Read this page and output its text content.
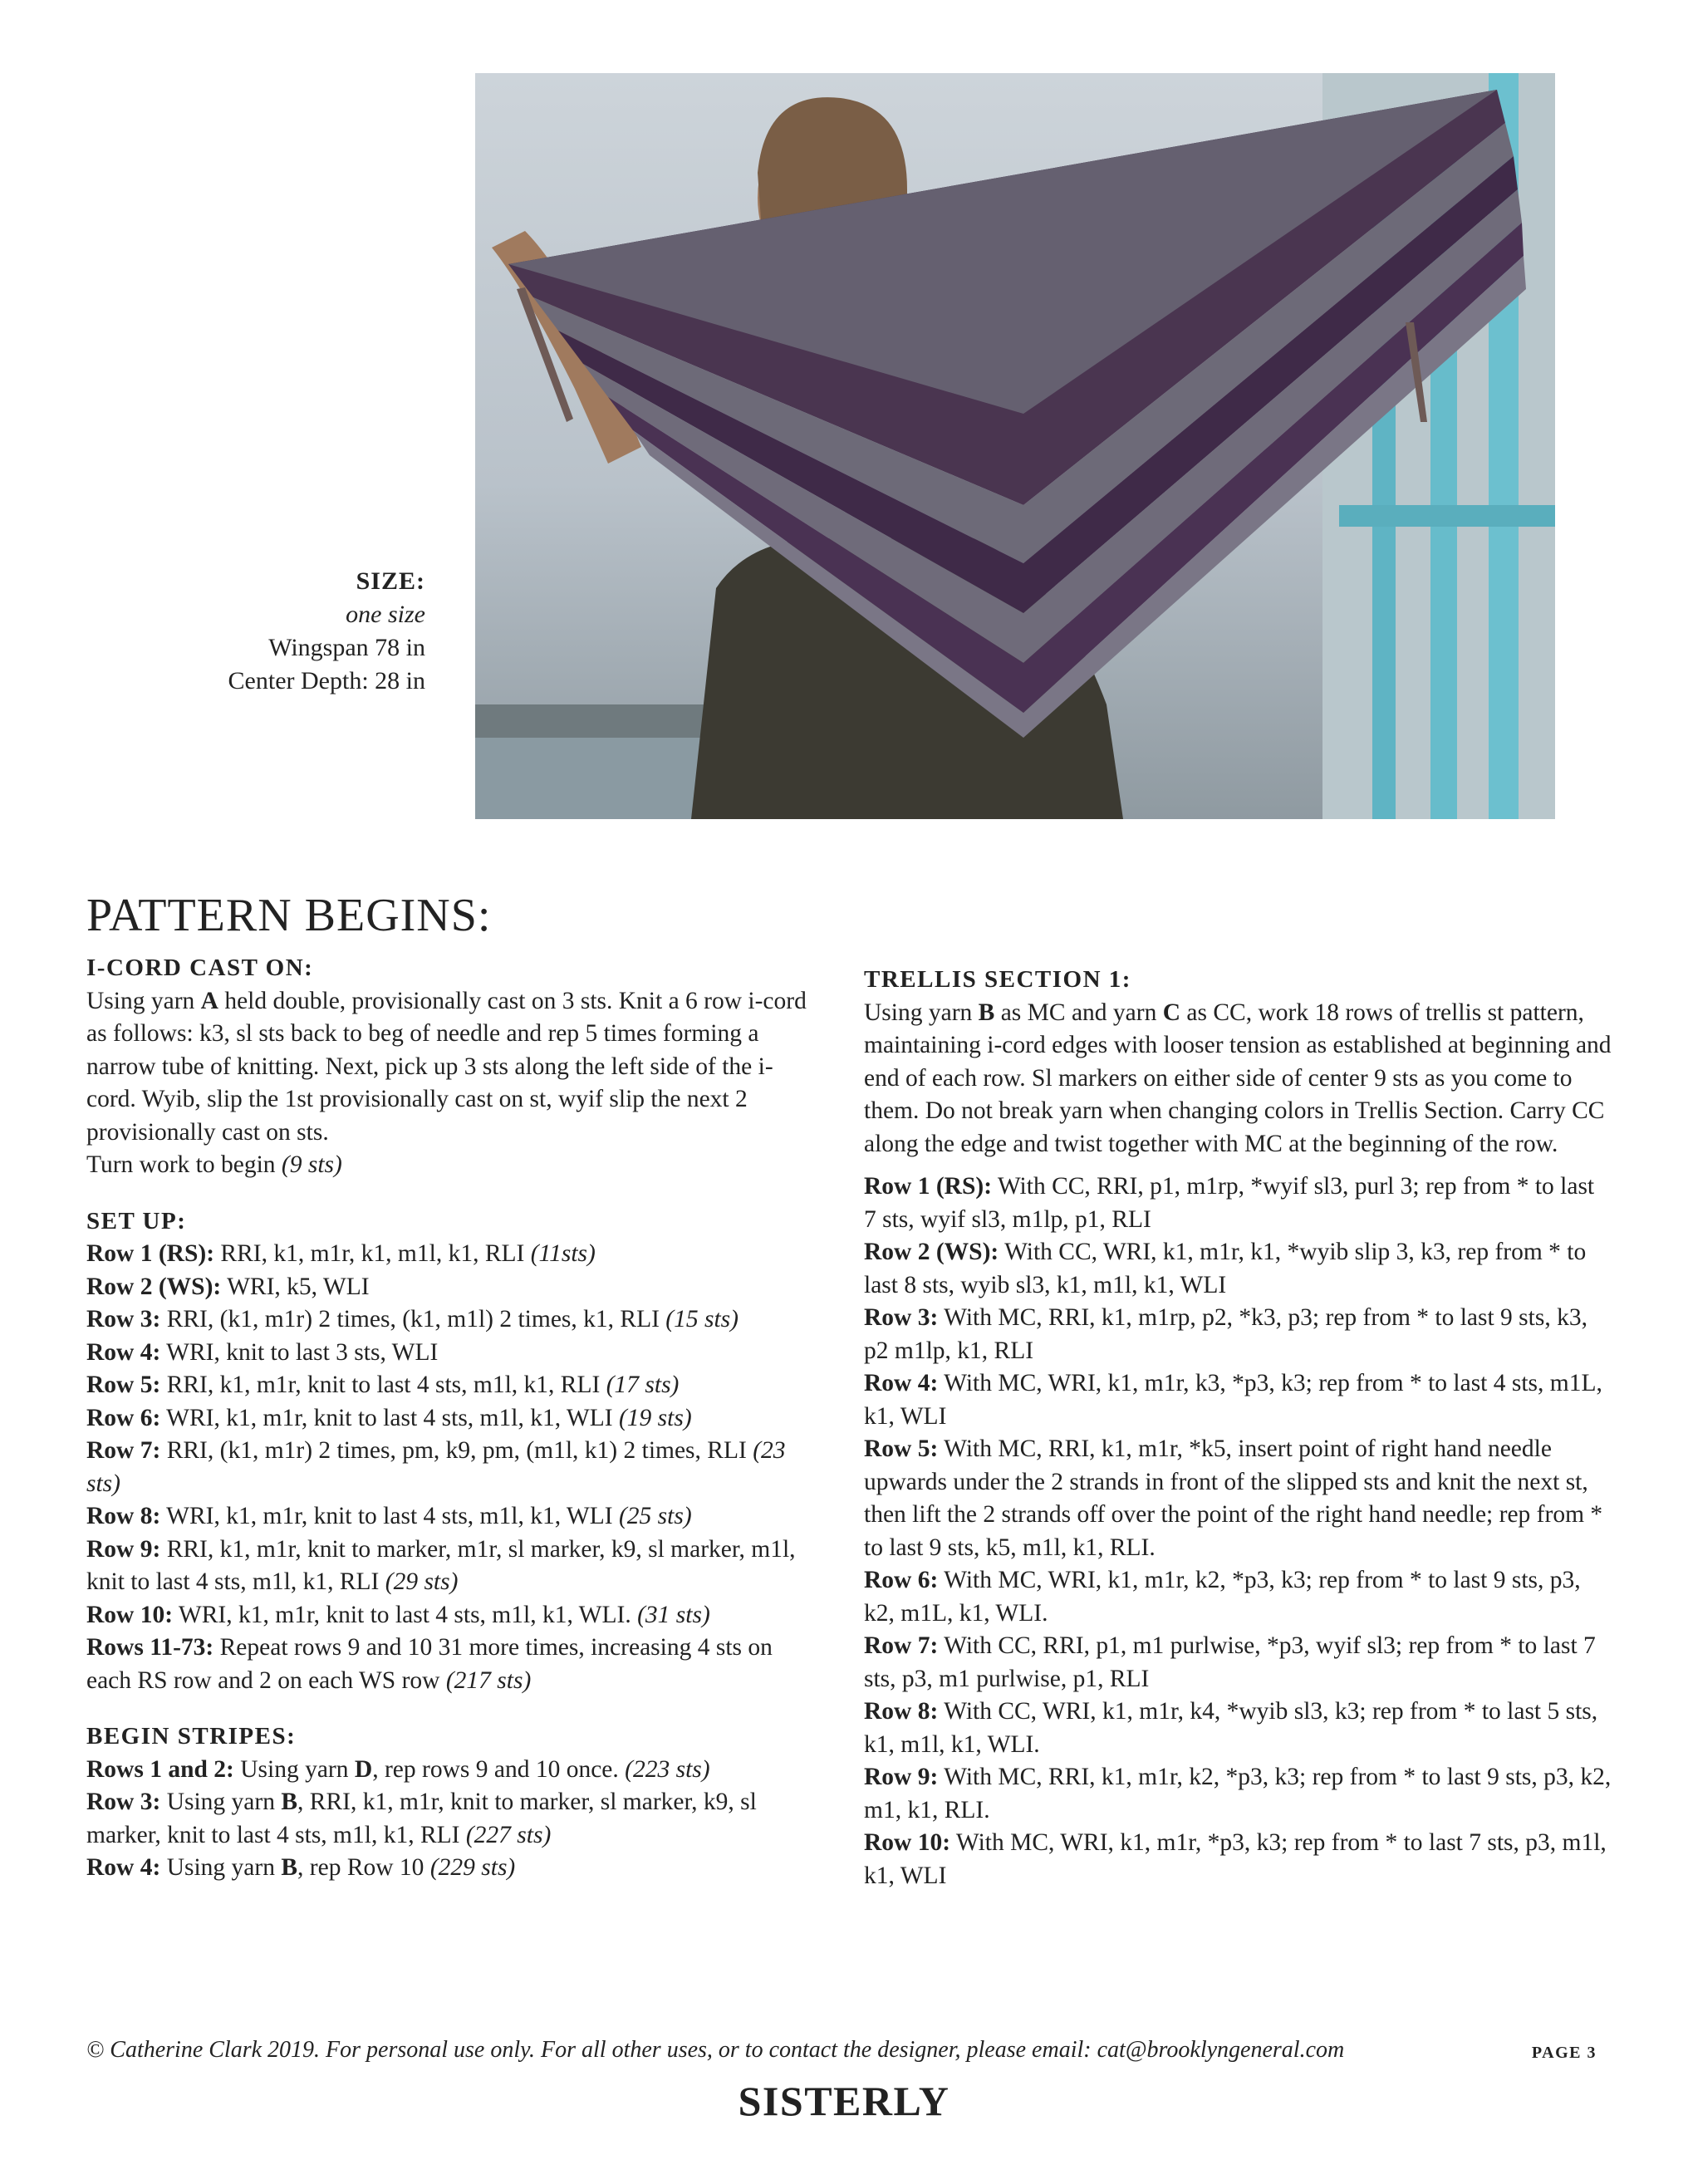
SIZE:
one size
Wingspan 78 in
Center Depth: 28 in
PATTERN BEGINS:

I-CORD CAST ON:

Using yarn A held double, provisionally cast on 3 sts. Knit a 6 row i-cord as follows: k3, sl sts back to beg of needle and rep 5 times forming a narrow tube of knitting. Next, pick up 3 sts along the left side of the i-cord. Wyib, slip the 1st provisionally cast on st, wyif slip the next 2 provisionally cast on sts.

Turn work to begin (9 sts)

SET UP:

Row 1 (RS): RRI, k1, m1r, k1, m1l, k1, RLI (11sts)

Row 2 (WS): WRI, k5, WLI

Row 3: RRI, (k1, m1r) 2 times, (k1, m1l) 2 times, k1, RLI (15 sts)

Row 4: WRI, knit to last 3 sts, WLI

Row 5: RRI, k1, m1r, knit to last 4 sts, m1l, k1, RLI (17 sts)

Row 6: WRI, k1, m1r, knit to last 4 sts, m1l, k1, WLI (19 sts)

Row 7: RRI, (k1, m1r) 2 times, pm, k9, pm, (m1l, k1) 2 times, RLI (23 sts)

Row 8: WRI, k1, m1r, knit to last 4 sts, m1l, k1, WLI (25 sts)

Row 9: RRI, k1, m1r, knit to marker, m1r, sl marker, k9, sl marker, m1l, knit to last 4 sts, m1l, k1, RLI (29 sts)

Row 10: WRI, k1, m1r, knit to last 4 sts, m1l, k1, WLI. (31 sts)

Rows 11-73: Repeat rows 9 and 10 31 more times, increasing 4 sts on each RS row and 2 on each WS row (217 sts)

BEGIN STRIPES:

Rows 1 and 2: Using yarn D, rep rows 9 and 10 once. (223 sts)

Row 3: Using yarn B, RRI, k1, m1r, knit to marker, sl marker, k9, sl marker, knit to last 4 sts, m1l, k1, RLI (227 sts)

Row 4: Using yarn B, rep Row 10 (229 sts)

TRELLIS SECTION 1:

Using yarn B as MC and yarn C as CC, work 18 rows of trellis st pattern, maintaining i-cord edges with looser tension as established at beginning and end of each row. Sl markers on either side of center 9 sts as you come to them. Do not break yarn when changing colors in Trellis Section. Carry CC along the edge and twist together with MC at the beginning of the row.

Row 1 (RS): With CC, RRI, p1, m1rp, *wyif sl3, purl 3; rep from * to last 7 sts, wyif sl3, m1lp, p1, RLI

Row 2 (WS): With CC, WRI, k1, m1r, k1, *wyib slip 3, k3, rep from * to last 8 sts, wyib sl3, k1, m1l, k1, WLI

Row 3: With MC, RRI, k1, m1rp, p2, *k3, p3; rep from * to last 9 sts, k3, p2 m1lp, k1, RLI

Row 4: With MC, WRI, k1, m1r, k3, *p3, k3; rep from * to last 4 sts, m1L, k1, WLI

Row 5: With MC, RRI, k1, m1r, *k5, insert point of right hand needle upwards under the 2 strands in front of the slipped sts and knit the next st, then lift the 2 strands off over the point of the right hand needle; rep from * to last 9 sts, k5, m1l, k1, RLI.

Row 6: With MC, WRI, k1, m1r, k2, *p3, k3; rep from * to last 9 sts, p3, k2, m1L, k1, WLI.

Row 7: With CC, RRI, p1, m1 purlwise, *p3, wyif sl3; rep from * to last 7 sts, p3, m1 purlwise, p1, RLI

Row 8: With CC, WRI, k1, m1r, k4, *wyib sl3, k3; rep from * to last 5 sts, k1, m1l, k1, WLI.

Row 9: With MC, RRI, k1, m1r, k2, *p3, k3; rep from * to last 9 sts, p3, k2, m1, k1, RLI.

Row 10: With MC, WRI, k1, m1r, *p3, k3; rep from * to last 7 sts, p3, m1l, k1, WLI

© Catherine Clark 2019. For personal use only. For all other uses, or to contact the designer, please email: cat@brooklyngeneral.com	PAGE 3
SISTERLY
